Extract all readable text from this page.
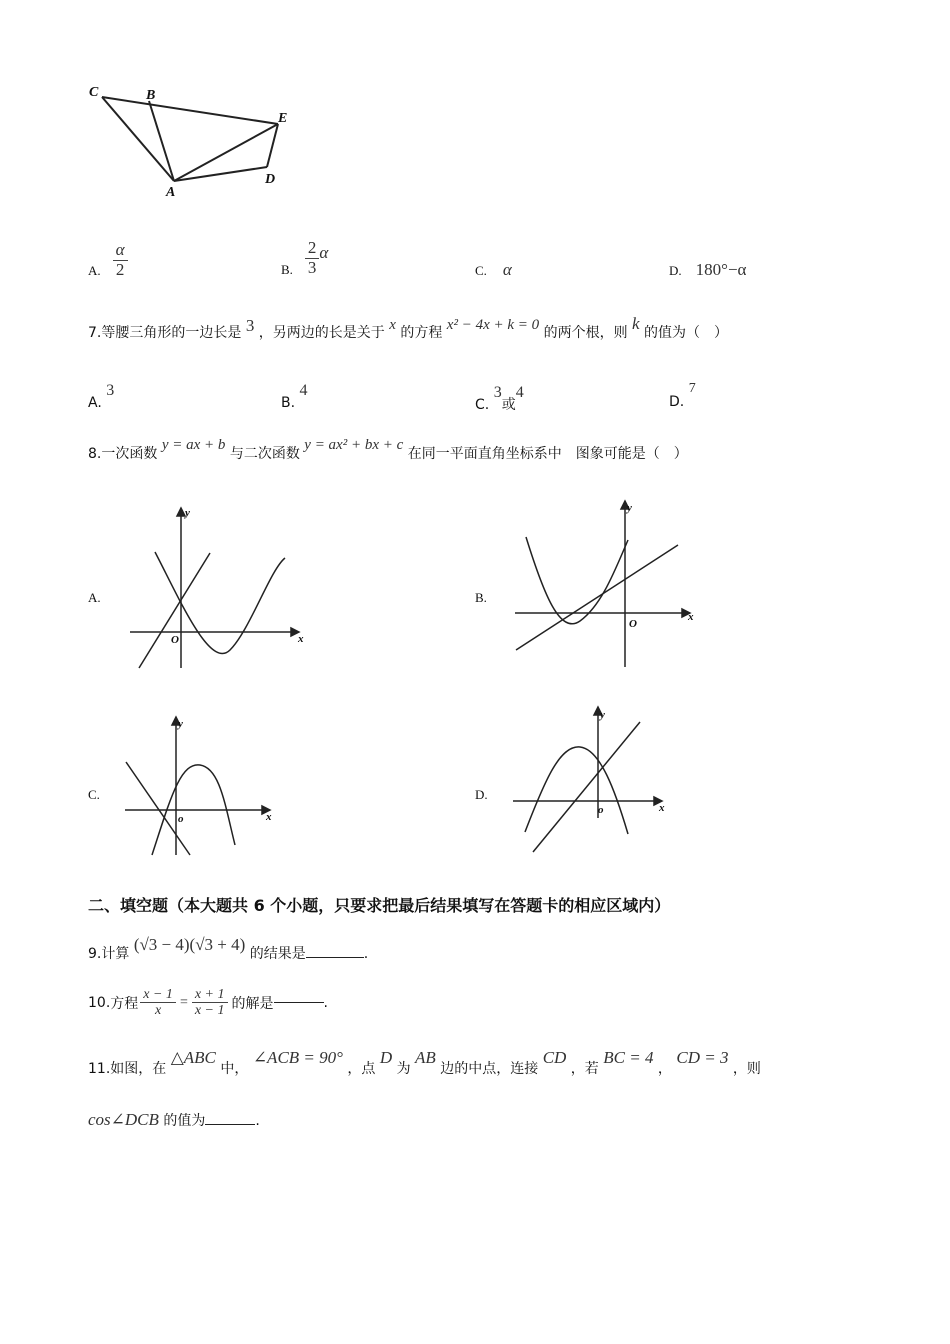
C	B
E
A
D
A. $\frac{\alpha}{2}$	B. $\frac{2}{3}$ α
C. α	D. 180°−α
7.等腰三角形的一边长是 3 ，另两边的长是关于 x 的方程 x² − 4x + k = 0 的两个根，则 k 的值为（　）
A. 3
B. 4
C. 3或4
D. 7
8.一次函数 y = ax + b 与二次函数 y = ax² + bx + c 在同一平面直角坐标系中　图象可能是（　）
A.
y
x
O
B.
y
x
O
C.
y
x
o
D.
y
x
o
二、填空题（本大题共 6 个小题，只要求把最后结果填写在答题卡的相应区域内）
9.计算 (√3 − 4)(√3 + 4) 的结果是	.
10. 方程 $\frac{x - 1}{x} = \frac{x + 1}{x - 1}$ 的解是	.
11.如图，在 △ABC 中， ∠ACB = 90° ，点 D 为 AB 边的中点，连接 CD ，若 BC = 4 ， CD = 3 ，则
cos∠DCB 的值为	.
